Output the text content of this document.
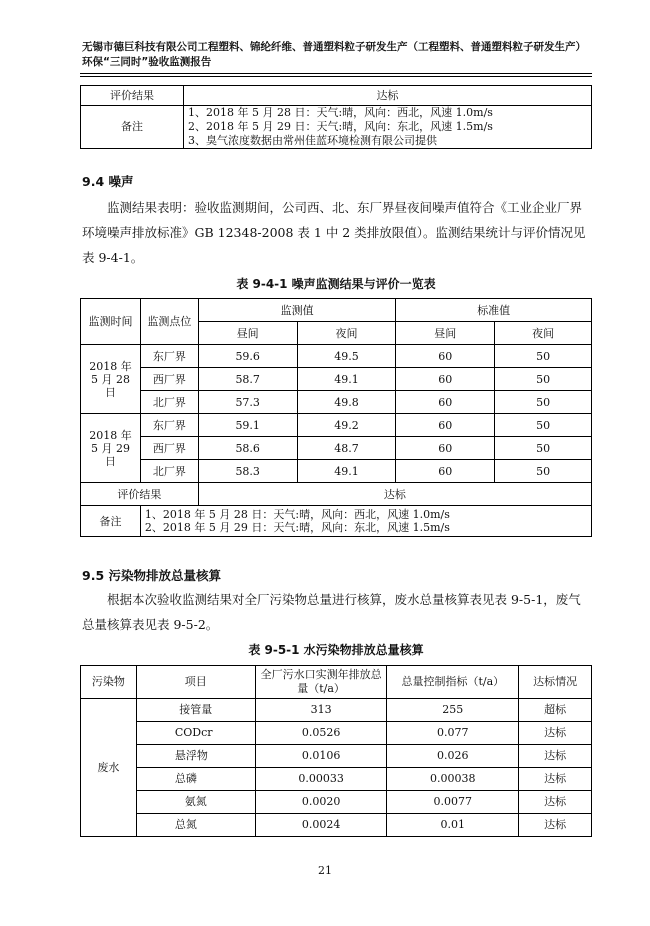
无锡市德巨科技有限公司工程塑料、锦纶纤维、普通塑料粒子研发生产（工程塑料、普通塑料粒子研发生产）环保“三同时”验收监测报告
评价结果	达标
备注	1、2018 年 5 月 28 日：天气:晴，风向：西北，风速 1.0m/s
2、2018 年 5 月 29 日：天气:晴，风向：东北，风速 1.5m/s
3、臭气浓度数据由常州佳蓝环境检测有限公司提供
9.4 噪声

监测结果表明：验收监测期间，公司西、北、东厂界昼夜间噪声值符合《工业企业厂界环境噪声排放标准》GB 12348-2008 表 1 中 2 类排放限值）。监测结果统计与评价情况见表 9-4-1。

表 9-4-1 噪声监测结果与评价一览表
监测时间	监测点位	监测值		标准值	
		昼间	夜间	昼间	夜间
2018 年 5 月 28 日	东厂界	59.6	49.5	60	50
	西厂界	58.7	49.1	60	50
	北厂界	57.3	49.8	60	50
2018 年 5 月 29 日	东厂界	59.1	49.2	60	50
	西厂界	58.6	48.7	60	50
	北厂界	58.3	49.1	60	50
评价结果		达标			
备注	1、2018 年 5 月 28 日：天气:晴，风向：西北，风速 1.0m/s
2、2018 年 5 月 29 日：天气:晴，风向：东北，风速 1.5m/s				
9.5 污染物排放总量核算

根据本次验收监测结果对全厂污染物总量进行核算，废水总量核算表见表 9-5-1，废气总量核算表见表 9-5-2。

表 9-5-1 水污染物排放总量核算
污染物	项目	全厂污水口实测年排放总量（t/a）	总量控制指标（t/a）	达标情况
废水	接管量	313	255	超标
	CODcr	0.0526	0.077	达标
	悬浮物	0.0106	0.026	达标
	总磷	0.00033	0.00038	达标
	氨氮	0.0020	0.0077	达标
	总氮	0.0024	0.01	达标
21
